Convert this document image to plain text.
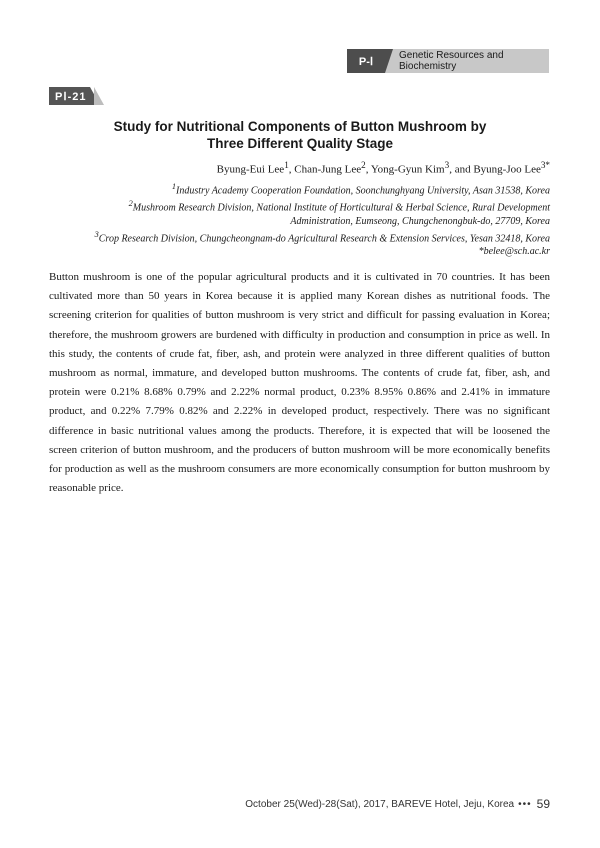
P-Ⅰ	Genetic Resources and Biochemistry
PⅠ-21
Study for Nutritional Components of Button Mushroom by
Three Different Quality Stage
Byung-Eui Lee$^1$, Chan-Jung Lee$^2$, Yong-Gyun Kim$^3$, and Byung-Joo Lee$^{3*}$
$^1$Industry Academy Cooperation Foundation, Soonchunghyang University, Asan 31538, Korea
$^2$Mushroom Research Division, National Institute of Horticultural & Herbal Science, Rural Development
Administration, Eumseong, Chungchenongbuk-do, 27709, Korea
$^3$Crop Research Division, Chungcheongnam-do Agricultural Research & Extension Services, Yesan 32418, Korea
*belee@sch.ac.kr
Button mushroom is one of the popular agricultural products and it is cultivated in 70 countries. It has been cultivated more than 50 years in Korea because it is applied many Korean dishes as nutritional foods. The screening criterion for qualities of button mushroom is very strict and difficult for passing evaluation in Korea; therefore, the mushroom growers are burdened with difficulty in production and consumption in price as well. In this study, the contents of crude fat, fiber, ash, and protein were analyzed in three different qualities of button mushroom as normal, immature, and developed button mushrooms. The contents of crude fat, fiber, ash, and protein were 0.21% 8.68% 0.79% and 2.22% normal product, 0.23% 8.95% 0.86% and 2.41% in immature product, and 0.22% 7.79% 0.82% and 2.22% in developed product, respectively. There was no significant difference in basic nutritional values among the products. Therefore, it is expected that will be loosened the screen criterion of button mushroom, and the producers of button mushroom will be more economically benefits for production as well as the mushroom consumers are more economically consumption for button mushroom by reasonable price.
October 25(Wed)-28(Sat), 2017, BAREVE Hotel, Jeju, Korea ••• 59
